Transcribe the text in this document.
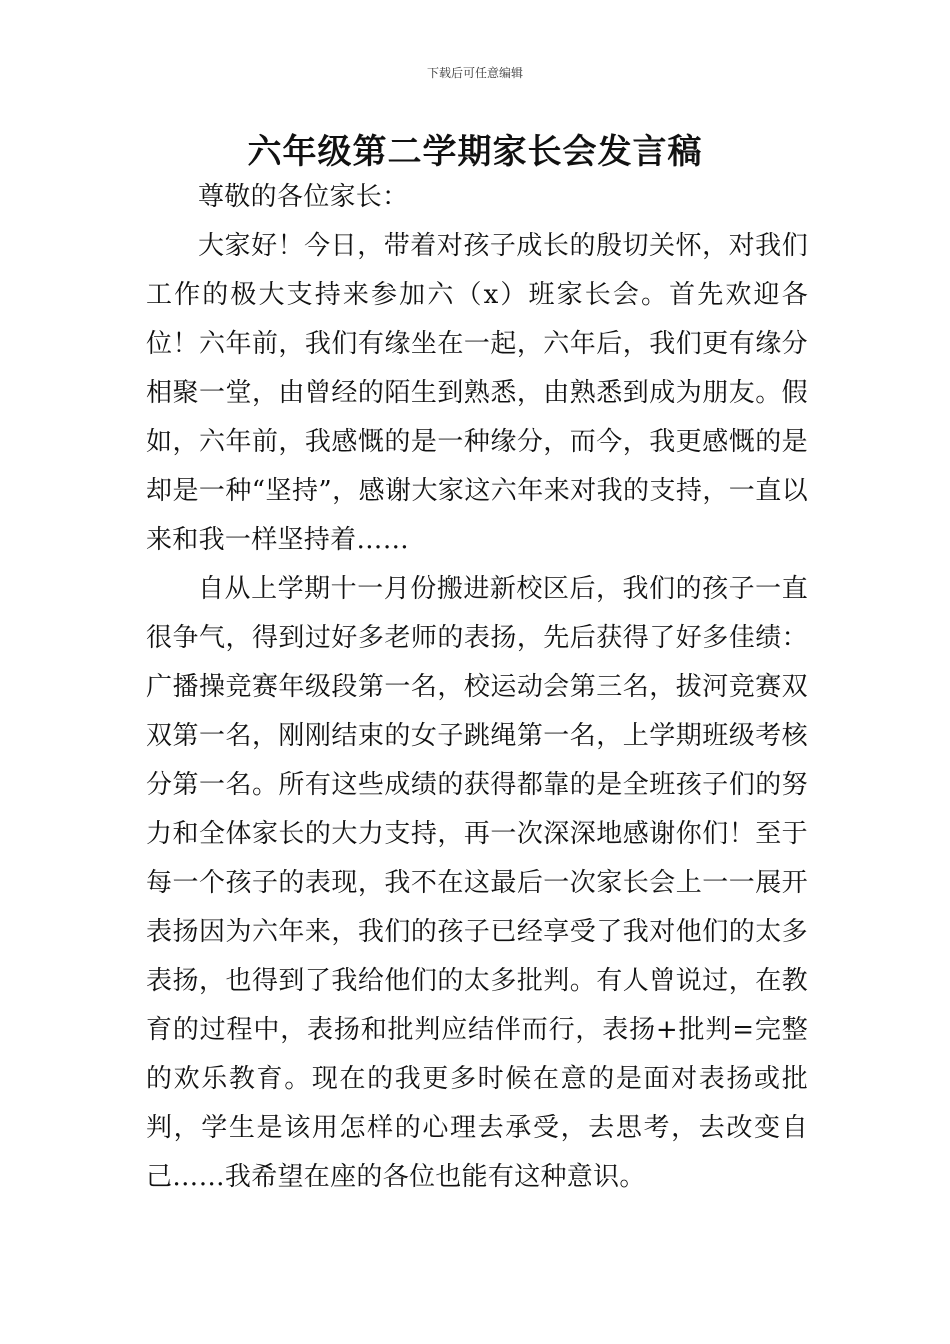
下载后可任意编辑
六年级第二学期家长会发言稿

尊敬的各位家长：

大家好！今日，带着对孩子成长的殷切关怀，对我们工作的极大支持来参加六（x）班家长会。首先欢迎各位！六年前，我们有缘坐在一起，六年后，我们更有缘分相聚一堂，由曾经的陌生到熟悉，由熟悉到成为朋友。假如，六年前，我感慨的是一种缘分，而今，我更感慨的是却是一种“坚持”，感谢大家这六年来对我的支持，一直以来和我一样坚持着……

自从上学期十一月份搬进新校区后，我们的孩子一直很争气，得到过好多老师的表扬，先后获得了好多佳绩：广播操竞赛年级段第一名，校运动会第三名，拔河竞赛双双第一名，刚刚结束的女子跳绳第一名，上学期班级考核分第一名。所有这些成绩的获得都靠的是全班孩子们的努力和全体家长的大力支持，再一次深深地感谢你们！至于每一个孩子的表现，我不在这最后一次家长会上一一展开表扬因为六年来，我们的孩子已经享受了我对他们的太多表扬，也得到了我给他们的太多批判。有人曾说过，在教育的过程中，表扬和批判应结伴而行，表扬+批判=完整的欢乐教育。现在的我更多时候在意的是面对表扬或批判，学生是该用怎样的心理去承受，去思考，去改变自己……我希望在座的各位也能有这种意识。
